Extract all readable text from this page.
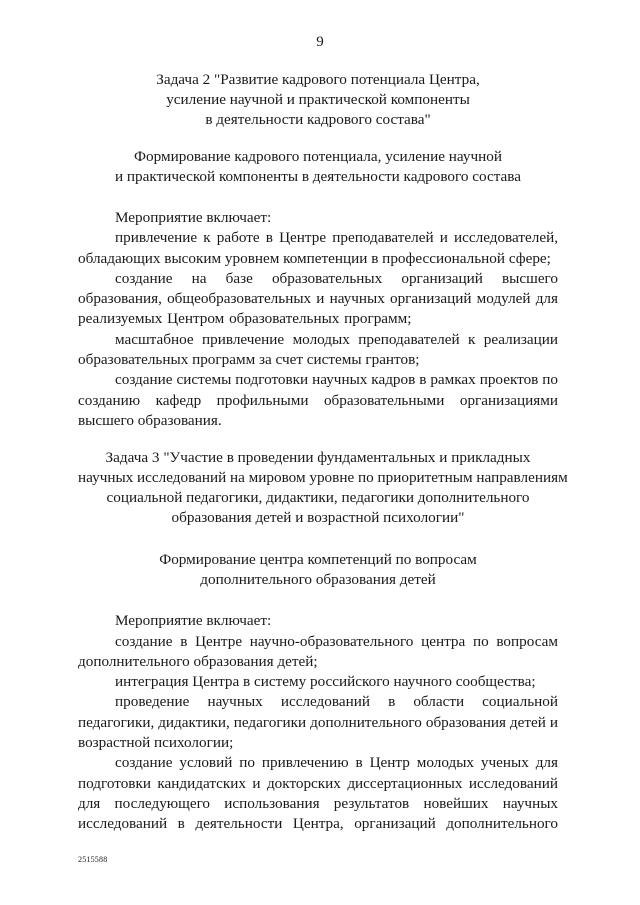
9
Задача 2 "Развитие кадрового потенциала Центра,
усиление научной и практической компоненты
в деятельности кадрового состава"
Формирование кадрового потенциала, усиление научной
и практической компоненты в деятельности кадрового состава

Мероприятие включает:

привлечение к работе в Центре преподавателей и исследователей, обладающих высоким уровнем компетенции в профессиональной сфере;

создание на базе образовательных организаций высшего образования, общеобразовательных и научных организаций модулей для реализуемых Центром образовательных программ;

масштабное привлечение молодых преподавателей к реализации образовательных программ за счет системы грантов;

создание системы подготовки научных кадров в рамках проектов по созданию кафедр профильными образовательными организациями высшего образования.

Задача 3 "Участие в проведении фундаментальных и прикладных
научных исследований на мировом уровне по приоритетным направлениям
социальной педагогики, дидактики, педагогики дополнительного
образования детей и возрастной психологии"
Формирование центра компетенций по вопросам
дополнительного образования детей

Мероприятие включает:

создание в Центре научно-образовательного центра по вопросам дополнительного образования детей;

интеграция Центра в систему российского научного сообщества;

проведение научных исследований в области социальной педагогики, дидактики, педагогики дополнительного образования детей и возрастной психологии;

создание условий по привлечению в Центр молодых ученых для подготовки кандидатских и докторских диссертационных исследований для последующего использования результатов новейших научных исследований в деятельности Центра, организаций дополнительного

2515588
